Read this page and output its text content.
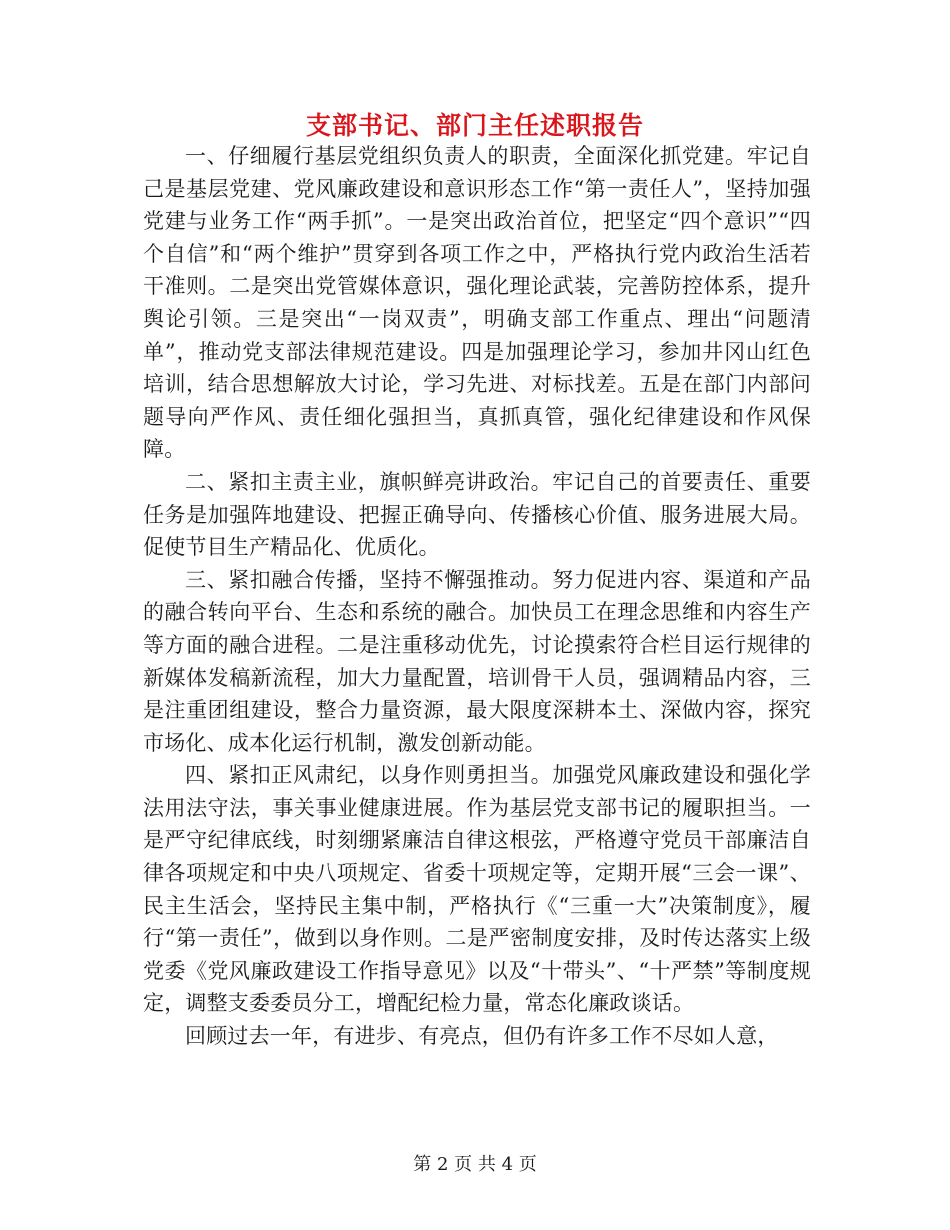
支部书记、部门主任述职报告

一、仔细履行基层党组织负责人的职责，全面深化抓党建。牢记自己是基层党建、党风廉政建设和意识形态工作“第一责任人”，坚持加强党建与业务工作“两手抓”。一是突出政治首位，把坚定“四个意识”“四个自信”和“两个维护”贯穿到各项工作之中，严格执行党内政治生活若干准则。二是突出党管媒体意识，强化理论武装，完善防控体系，提升舆论引领。三是突出“一岗双责”，明确支部工作重点、理出“问题清单”，推动党支部法律规范建设。四是加强理论学习，参加井冈山红色培训，结合思想解放大讨论，学习先进、对标找差。五是在部门内部问题导向严作风、责任细化强担当，真抓真管，强化纪律建设和作风保障。

二、紧扣主责主业，旗帜鲜亮讲政治。牢记自己的首要责任、重要任务是加强阵地建设、把握正确导向、传播核心价值、服务进展大局。促使节目生产精品化、优质化。

三、紧扣融合传播，坚持不懈强推动。努力促进内容、渠道和产品的融合转向平台、生态和系统的融合。加快员工在理念思维和内容生产等方面的融合进程。二是注重移动优先，讨论摸索符合栏目运行规律的新媒体发稿新流程，加大力量配置，培训骨干人员，强调精品内容，三是注重团组建设，整合力量资源，最大限度深耕本土、深做内容，探究市场化、成本化运行机制，激发创新动能。

四、紧扣正风肃纪，以身作则勇担当。加强党风廉政建设和强化学法用法守法，事关事业健康进展。作为基层党支部书记的履职担当。一是严守纪律底线，时刻绷紧廉洁自律这根弦，严格遵守党员干部廉洁自律各项规定和中央八项规定、省委十项规定等，定期开展“三会一课”、民主生活会，坚持民主集中制，严格执行《“三重一大”决策制度》，履行“第一责任”，做到以身作则。二是严密制度安排，及时传达落实上级党委《党风廉政建设工作指导意见》以及“十带头”、“十严禁”等制度规定，调整支委委员分工，增配纪检力量，常态化廉政谈话。

回顾过去一年，有进步、有亮点，但仍有许多工作不尽如人意，

第 2 页 共 4 页
